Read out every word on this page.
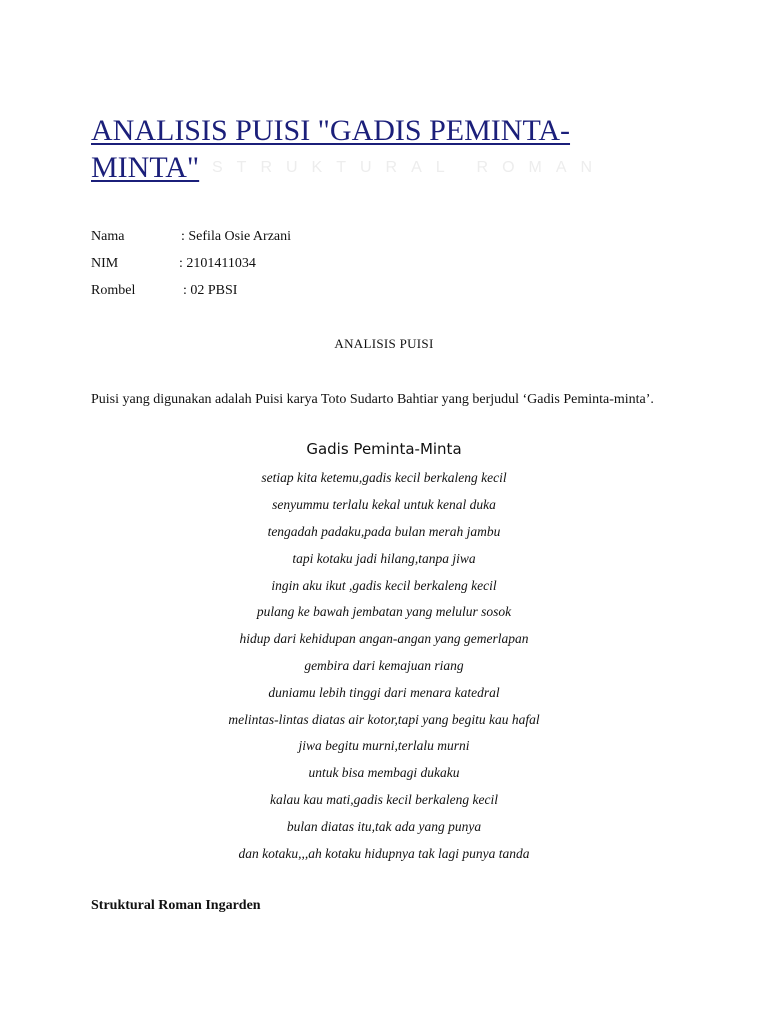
ANALISIS PUISI "GADIS PEMINTA-MINTA" STRUKTURAL ROMAN
Nama	: Sefila Osie Arzani
NIM	: 2101411034
Rombel	: 02 PBSI
ANALISIS PUISI
Puisi yang digunakan adalah Puisi karya Toto Sudarto Bahtiar yang berjudul ‘Gadis Peminta-minta’.
Gadis Peminta-Minta
setiap kita ketemu,gadis kecil berkaleng kecil
senyummu terlalu kekal untuk kenal duka
tengadah padaku,pada bulan merah jambu
tapi kotaku jadi hilang,tanpa jiwa
ingin aku ikut ,gadis kecil berkaleng kecil
pulang ke bawah jembatan yang melulur sosok
hidup dari kehidupan angan-angan yang gemerlapan
gembira dari kemajuan riang
duniamu lebih tinggi dari menara katedral
melintas-lintas diatas air kotor,tapi yang begitu kau hafal
jiwa begitu murni,terlalu murni
untuk bisa membagi dukaku
kalau kau mati,gadis kecil berkaleng kecil
bulan diatas itu,tak ada yang punya
dan kotaku,,,ah kotaku hidupnya tak lagi punya tanda
Struktural Roman Ingarden
